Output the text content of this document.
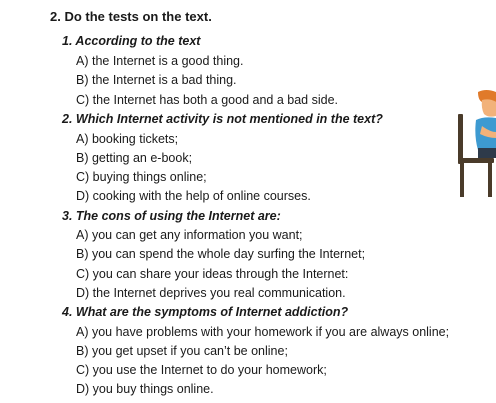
2. Do the tests on the text.
1. According to the text
A) the Internet is a good thing.
B) the Internet is a bad thing.
C) the Internet has both a good and a bad side.
2. Which Internet activity is not mentioned in the text?
A) booking tickets;
B) getting an e-book;
C) buying things online;
D) cooking with the help of online courses.
3. The cons of using the Internet are:
A) you can get any information you want;
B) you can spend the whole day surfing the Internet;
C) you can share your ideas through the Internet:
D) the Internet deprives you real communication.
4. What are the symptoms of Internet addiction?
A) you have problems with your homework if you are always online;
B) you get upset if you can’t be online;
C) you use the Internet to do your homework;
D) you buy things online.
